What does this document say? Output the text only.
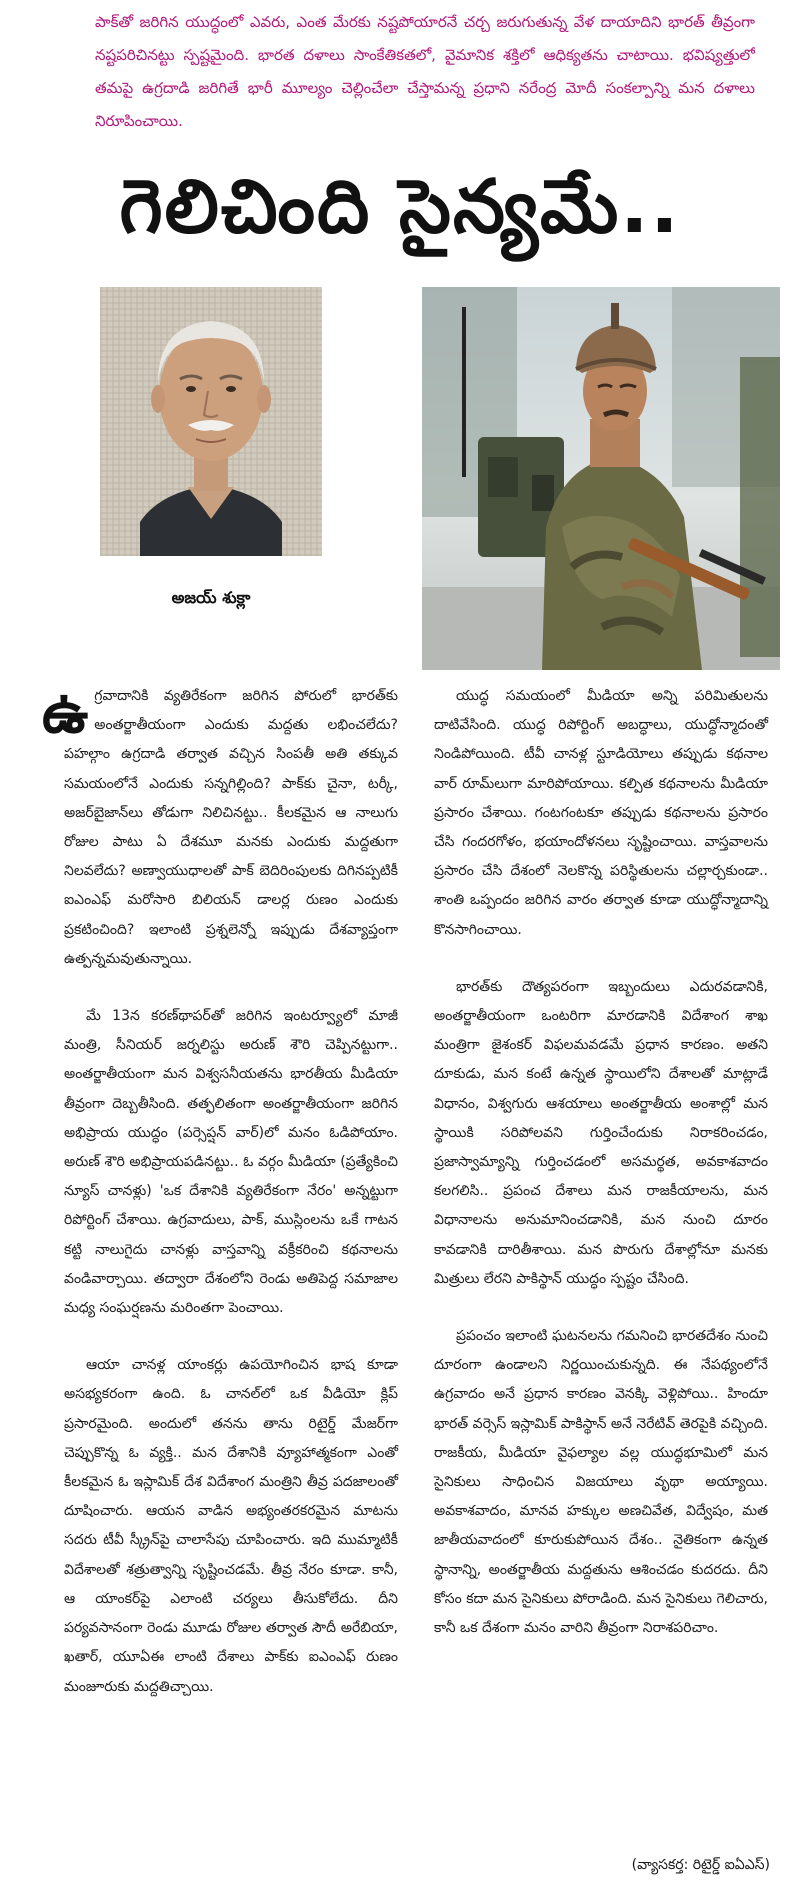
పాక్‌తో జరిగిన యుద్ధంలో ఎవరు, ఎంత మేరకు నష్టపోయారనే చర్చ జరుగుతున్న వేళ దాయాదిని భారత్ తీవ్రంగా నష్టపరిచినట్టు స్పష్టమైంది. భారత దళాలు సాంకేతికతలో, వైమానిక శక్తిలో ఆధిక్యతను చాటాయి. భవిష్యత్తులో తమపై ఉగ్రదాడి జరిగితే భారీ మూల్యం చెల్లించేలా చేస్తామన్న ప్రధాని నరేంద్ర మోదీ సంకల్పాన్ని మన దళాలు నిరూపించాయి.
గెలిచింది సైన్యమే..
అజయ్ శుక్లా

ఉగ్రవాదానికి వ్యతిరేకంగా జరిగిన పోరులో భారత్‌కు అంతర్జాతీయంగా ఎందుకు మద్దతు లభించలేదు? పహల్గాం ఉగ్రదాడి తర్వాత వచ్చిన సింపతీ అతి తక్కువ సమయంలోనే ఎందుకు సన్నగిల్లింది? పాక్‌కు చైనా, టర్కీ, అజర్‌బైజాన్‌లు తోడుగా నిలిచినట్టు.. కీలకమైన ఆ నాలుగు రోజుల పాటు ఏ దేశమూ మనకు ఎందుకు మద్దతుగా నిలవలేదు? అణ్వాయుధాలతో పాక్ బెదిరింపులకు దిగినప్పటికీ ఐఎంఎఫ్ మరోసారి బిలియన్ డాలర్ల రుణం ఎందుకు ప్రకటించింది? ఇలాంటి ప్రశ్నలెన్నో ఇప్పుడు దేశవ్యాప్తంగా ఉత్పన్నమవుతున్నాయి.

మే 13న కరణ్‌థాపర్‌తో జరిగిన ఇంటర్వ్యూలో మాజీ మంత్రి, సీనియర్ జర్నలిస్టు అరుణ్ శౌరి చెప్పినట్టుగా.. అంతర్జాతీయంగా మన విశ్వసనీయతను భారతీయ మీడియా తీవ్రంగా దెబ్బతీసింది. తత్ఫలితంగా అంతర్జాతీయంగా జరిగిన అభిప్రాయ యుద్ధం (పర్సెప్షన్ వార్)లో మనం ఓడిపోయాం. అరుణ్ శౌరి అభిప్రాయపడినట్టు.. ఓ వర్గం మీడియా (ప్రత్యేకించి న్యూస్ చానళ్లు) 'ఒక దేశానికి వ్యతిరేకంగా నేరం' అన్నట్టుగా రిపోర్టింగ్ చేశాయి. ఉగ్రవాదులు, పాక్, ముస్లింలను ఒకే గాటన కట్టి నాలుగైదు చానళ్లు వాస్తవాన్ని వక్రీకరించి కథనాలను వండివార్చాయి. తద్వారా దేశంలోని రెండు అతిపెద్ద సమాజాల మధ్య సంఘర్షణను మరింతగా పెంచాయి.

ఆయా చానళ్ల యాంకర్లు ఉపయోగించిన భాష కూడా అసభ్యకరంగా ఉంది. ఓ చానల్‌లో ఒక వీడియో క్లిప్ ప్రసారమైంది. అందులో తనను తాను రిటైర్డ్ మేజర్‌గా చెప్పుకొన్న ఓ వ్యక్తి.. మన దేశానికి వ్యూహాత్మకంగా ఎంతో కీలకమైన ఓ ఇస్లామిక్ దేశ విదేశాంగ మంత్రిని తీవ్ర పదజాలంతో దూషించారు. ఆయన వాడిన అభ్యంతరకరమైన మాటను సదరు టీవీ స్క్రీన్‌పై చాలాసేపు చూపించారు. ఇది ముమ్మాటికీ విదేశాలతో శత్రుత్వాన్ని సృష్టించడమే. తీవ్ర నేరం కూడా. కానీ, ఆ యాంకర్‌పై ఎలాంటి చర్యలు తీసుకోలేదు. దీని పర్యవసానంగా రెండు మూడు రోజుల తర్వాత సౌదీ అరేబియా, ఖతార్, యూఏఈ లాంటి దేశాలు పాక్‌కు ఐఎంఎఫ్ రుణం మంజూరుకు మద్దతిచ్చాయి.

యుద్ధ సమయంలో మీడియా అన్ని పరిమితులను దాటివేసింది. యుద్ధ రిపోర్టింగ్ అబద్ధాలు, యుద్ధోన్మాదంతో నిండిపోయింది. టీవీ చానళ్ల స్టూడియోలు తప్పుడు కథనాల వార్ రూమ్‌లుగా మారిపోయాయి. కల్పిత కథనాలను మీడియా ప్రసారం చేశాయి. గంటగంటకూ తప్పుడు కథనాలను ప్రసారం చేసి గందరగోళం, భయాందోళనలు సృష్టించాయి. వాస్తవాలను ప్రసారం చేసి దేశంలో నెలకొన్న పరిస్థితులను చల్లార్చకుండా.. శాంతి ఒప్పందం జరిగిన వారం తర్వాత కూడా యుద్ధోన్మాదాన్ని కొనసాగించాయి.

భారత్‌కు దౌత్యపరంగా ఇబ్బందులు ఎదురవడానికి, అంతర్జాతీయంగా ఒంటరిగా మారడానికి విదేశాంగ శాఖ మంత్రిగా జైశంకర్ విఫలమవడమే ప్రధాన కారణం. అతని దూకుడు, మన కంటే ఉన్నత స్థాయిలోని దేశాలతో మాట్లాడే విధానం, విశ్వగురు ఆశయాలు అంతర్జాతీయ అంశాల్లో మన స్థాయికి సరిపోలవని గుర్తించేందుకు నిరాకరించడం, ప్రజాస్వామ్యాన్ని గుర్తించడంలో అసమర్థత, అవకాశవాదం కలగలిసి.. ప్రపంచ దేశాలు మన రాజకీయాలను, మన విధానాలను అనుమానించడానికి, మన నుంచి దూరం కావడానికి దారితీశాయి. మన పొరుగు దేశాల్లోనూ మనకు మిత్రులు లేరని పాకిస్థాన్ యుద్ధం స్పష్టం చేసింది.

ప్రపంచం ఇలాంటి ఘటనలను గమనించి భారతదేశం నుంచి దూరంగా ఉండాలని నిర్ణయించుకున్నది. ఈ నేపథ్యంలోనే ఉగ్రవాదం అనే ప్రధాన కారణం వెనక్కి వెళ్లిపోయి.. హిందూ భారత్ వర్సెస్ ఇస్లామిక్ పాకిస్థాన్ అనే నెరేటివ్ తెరపైకి వచ్చింది. రాజకీయ, మీడియా వైఫల్యాల వల్ల యుద్ధభూమిలో మన సైనికులు సాధించిన విజయాలు వృథా అయ్యాయి. అవకాశవాదం, మానవ హక్కుల అణచివేత, విద్వేషం, మత జాతీయవాదంలో కూరుకుపోయిన దేశం.. నైతికంగా ఉన్నత స్థానాన్ని, అంతర్జాతీయ మద్దతును ఆశించడం కుదరదు. దీని కోసం కదా మన సైనికులు పోరాడింది. మన సైనికులు గెలిచారు, కానీ ఒక దేశంగా మనం వారిని తీవ్రంగా నిరాశపరిచాం.

(వ్యాసకర్త: రిటైర్డ్ ఐఏఎస్)
